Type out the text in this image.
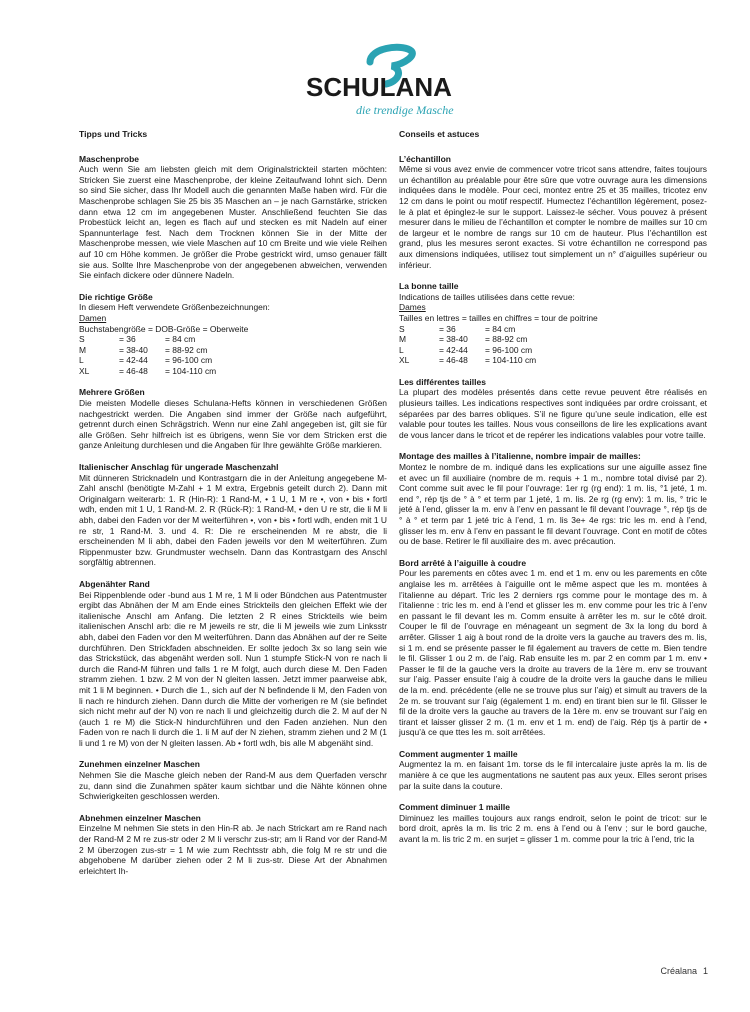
SCHULANA
die trendige Masche
Tipps und Tricks
Maschenprobe

Auch wenn Sie am liebsten gleich mit dem Originalstrickteil starten möchten: Stricken Sie zuerst eine Maschenprobe, der kleine Zeitaufwand lohnt sich. Denn so sind Sie sicher, dass Ihr Modell auch die genannten Maße haben wird. Für die Maschenprobe schlagen Sie 25 bis 35 Maschen an – je nach Garnstärke, stricken dann etwa 12 cm im angegebenen Muster. Anschließend feuchten Sie das Probestück leicht an, legen es flach auf und stecken es mit Nadeln auf einer Spannunterlage fest. Nach dem Trocknen können Sie in der Mitte der Maschenprobe messen, wie viele Maschen auf 10 cm Breite und wie viele Reihen auf 10 cm Höhe kommen. Je größer die Probe gestrickt wird, umso genauer fällt sie aus. Sollte Ihre Maschenprobe von der angegebenen abweichen, verwenden Sie einfach dickere oder dünnere Nadeln.

Die richtige Größe
In diesem Heft verwendete Größenbezeichnungen:
Damen
Buchstabengröße = DOB-Größe = Oberweite
S	= 36	= 84 cm
M	= 38-40	= 88-92 cm
L	= 42-44	= 96-100 cm
XL	= 46-48	= 104-110 cm
Mehrere Größen

Die meisten Modelle dieses Schulana-Hefts können in verschiedenen Größen nachgestrickt werden. Die Angaben sind immer der Größe nach aufgeführt, getrennt durch einen Schrägstrich. Wenn nur eine Zahl angegeben ist, gilt sie für alle Größen. Sehr hilfreich ist es übrigens, wenn Sie vor dem Stricken erst die ganze Anleitung durchlesen und die Angaben für Ihre gewählte Größe markieren.

Italienischer Anschlag für ungerade Maschenzahl

Mit dünneren Stricknadeln und Kontrastgarn die in der Anleitung angegebene M-Zahl anschl (benötigte M-Zahl + 1 M extra, Ergebnis geteilt durch 2). Dann mit Originalgarn weiterarb: 1. R (Hin-R): 1 Rand-M, • 1 U, 1 M re •, von • bis • fortl wdh, enden mit 1 U, 1 Rand-M. 2. R (Rück-R): 1 Rand-M, • den U re str, die li M li abh, dabei den Faden vor der M weiterführen •, von • bis • fortl wdh, enden mit 1 U re str, 1 Rand-M. 3. und 4. R: Die re erscheinenden M re abstr, die li erscheinenden M li abh, dabei den Faden jeweils vor den M weiterführen. Zum Rippenmuster bzw. Grundmuster wechseln. Dann das Kontrastgarn des Anschl sorgfältig abtrennen.

Abgenähter Rand

Bei Rippenblende oder -bund aus 1 M re, 1 M li oder Bündchen aus Patentmuster ergibt das Abnähen der M am Ende eines Strickteils den gleichen Effekt wie der italienische Anschl am Anfang. Die letzten 2 R eines Strickteils wie beim italienischen Anschl arb: die re M jeweils re str, die li M jeweils wie zum Linksstr abh, dabei den Faden vor den M weiterführen. Dann das Abnähen auf der re Seite durchführen. Den Strickfaden abschneiden. Er sollte jedoch 3x so lang sein wie das Strickstück, das abgenäht werden soll. Nun 1 stumpfe Stick-N von re nach li durch die Rand-M führen und falls 1 re M folgt, auch durch diese M. Den Faden stramm ziehen. 1 bzw. 2 M von der N gleiten lassen. Jetzt immer paarweise abk, mit 1 li M beginnen. • Durch die 1., sich auf der N befindende li M, den Faden von li nach re hindurch ziehen. Dann durch die Mitte der vorherigen re M (sie befindet sich nicht mehr auf der N) von re nach li und gleichzeitig durch die 2. M auf der N (auch 1 re M) die Stick-N hindurchführen und den Faden anziehen. Nun den Faden von re nach li durch die 1. li M auf der N ziehen, stramm ziehen und 2 M (1 li und 1 re M) von der N gleiten lassen. Ab • fortl wdh, bis alle M abgenäht sind.

Zunehmen einzelner Maschen

Nehmen Sie die Masche gleich neben der Rand-M aus dem Querfaden verschr zu, dann sind die Zunahmen später kaum sichtbar und die Nähte können ohne Schwierigkeiten geschlossen werden.

Abnehmen einzelner Maschen

Einzelne M nehmen Sie stets in den Hin-R ab. Je nach Strickart am re Rand nach der Rand-M 2 M re zus-str oder 2 M li verschr zus-str; am li Rand vor der Rand-M 2 M überzogen zus-str = 1 M wie zum Rechtsstr abh, die folg M re str und die abgehobene M darüber ziehen oder 2 M li zus-str. Diese Art der Abnahmen erleichtert Ih-

Conseils et astuces
L’échantillon

Même si vous avez envie de commencer votre tricot sans attendre, faites toujours un échantillon au préalable pour être sûre que votre ouvrage aura les dimensions indiquées dans le modèle. Pour ceci, montez entre 25 et 35 mailles, tricotez env 12 cm dans le point ou motif respectif. Humectez l’échantillon légèrement, posez-le à plat et épinglez-le sur le support. Laissez-le sécher. Vous pouvez à présent mesurer dans le milieu de l’échantillon et compter le nombre de mailles sur 10 cm de largeur et le nombre de rangs sur 10 cm de hauteur. Plus l’échantillon est grand, plus les mesures seront exactes. Si votre échantillon ne correspond pas aux dimensions indiquées, utilisez tout simplement un n° d’aiguilles supérieur ou inférieur.

La bonne taille
Indications de tailles utilisées dans cette revue:
Dames
Tailles en lettres = tailles en chiffres = tour de poitrine
S	= 36	= 84 cm
M	= 38-40	= 88-92 cm
L	= 42-44	= 96-100 cm
XL	= 46-48	= 104-110 cm
Les différentes tailles

La plupart des modèles présentés dans cette revue peuvent être réalisés en plusieurs tailles. Les indications respectives sont indiquées par ordre croissant, et séparées par des barres obliques. S’il ne figure qu’une seule indication, elle est valable pour toutes les tailles. Nous vous conseillons de lire les explications avant de vous lancer dans le tricot et de repérer les indications valables pour votre taille.

Montage des mailles à l’italienne, nombre impair de mailles:

Montez le nombre de m. indiqué dans les explications sur une aiguille assez fine et avec un fil auxiliaire (nombre de m. requis + 1 m., nombre total divisé par 2). Cont comme suit avec le fil pour l’ouvrage: 1er rg (rg end): 1 m. lis, °1 jeté, 1 m. end °, rép tjs de ° à ° et term par 1 jeté, 1 m. lis. 2e rg (rg env): 1 m. lis, ° tric le jeté à l’end, glisser la m. env à l’env en passant le fil devant l’ouvrage °, rép tjs de ° à ° et term par 1 jeté tric à l’end, 1 m. lis 3e+ 4e rgs: tric les m. end à l’end, glisser les m. env à l’env en passant le fil devant l’ouvrage. Cont en motif de côtes ou de base. Retirer le fil auxiliaire des m. avec précaution.

Bord arrêté à l’aiguille à coudre

Pour les parements en côtes avec 1 m. end et 1 m. env ou les parements en côte anglaise les m. arrêtées à l’aiguille ont le même aspect que les m. montées à l’italienne au départ. Tric les 2 derniers rgs comme pour le montage des m. à l’italienne : tric les m. end à l’end et glisser les m. env comme pour les tric à l’env en passant le fil devant les m. Comm ensuite à arrêter les m. sur le côté droit. Couper le fil de l’ouvrage en ménageant un segment de 3x la long du bord à arrêter. Glisser 1 aig à bout rond de la droite vers la gauche au travers des m. lis, si 1 m. end se présente passer le fil également au travers de cette m. Bien tendre le fil. Glisser 1 ou 2 m. de l’aig. Rab ensuite les m. par 2 en comm par 1 m. env • Passer le fil de la gauche vers la droite au travers de la 1ère m. env se trouvant sur l’aig. Passer ensuite l’aig à coudre de la droite vers la gauche dans le milieu de la m. end. précédente (elle ne se trouve plus sur l’aig) et simult au travers de la 2e m. se trouvant sur l’aig (également 1 m. end) en tirant bien sur le fil. Glisser le fil de la droite vers la gauche au travers de la 1ère m. env se trouvant sur l’aig en tirant et laisser glisser 2 m. (1 m. env et 1 m. end) de l’aig. Rép tjs à partir de • jusqu’à ce que ttes les m. soit arrêtées.

Comment augmenter 1 maille

Augmentez la m. en faisant 1m. torse ds le fil intercalaire juste après la m. lis de manière à ce que les augmentations ne sautent pas aux yeux. Elles seront prises par la suite dans la couture.

Comment diminuer 1 maille

Diminuez les mailles toujours aux rangs endroit, selon le point de tricot: sur le bord droit, après la m. lis tric 2 m. ens à l’end ou à l’env ; sur le bord gauche, avant la m. lis tric 2 m. en surjet = glisser 1 m. comme pour la tric à l’end, tric la

Créalana 1
